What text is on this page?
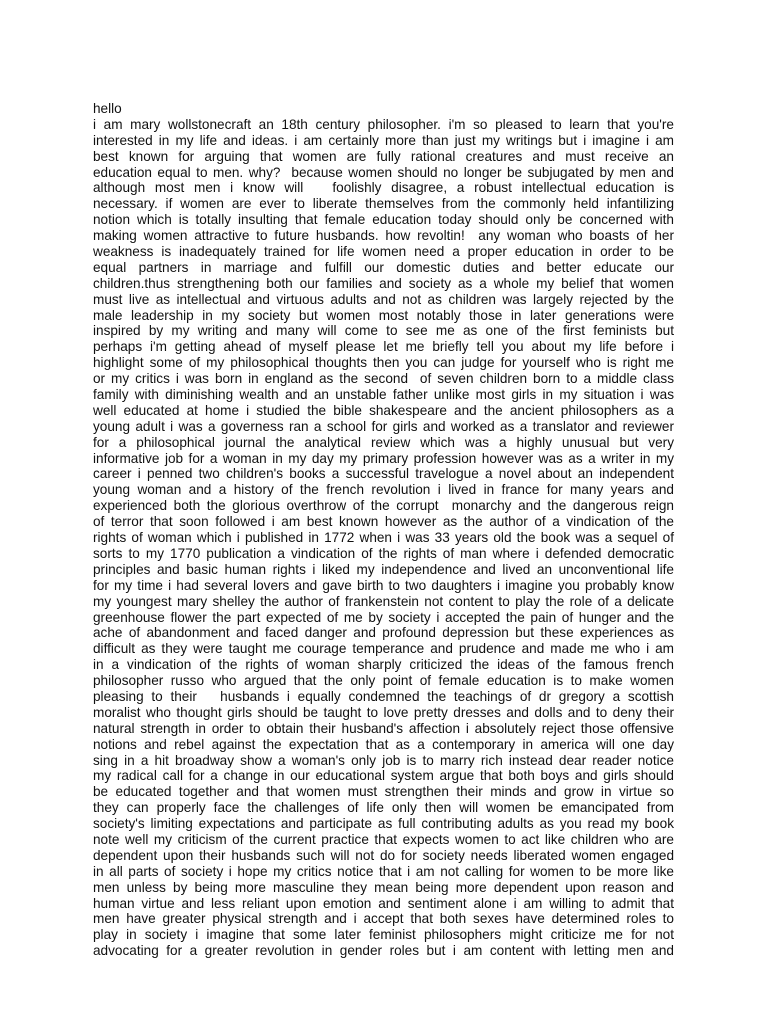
hello
i am mary wollstonecraft an 18th century philosopher. i'm so pleased to learn that you're
interested in my life and ideas. i am certainly more than just my writings but i imagine i am
best known for arguing that women are fully rational creatures and must receive an
education equal to men. why?  because women should no longer be subjugated by men and
although most men i know will   foolishly disagree, a robust intellectual education is
necessary. if women are ever to liberate themselves from the commonly held infantilizing
notion which is totally insulting that female education today should only be concerned with
making women attractive to future husbands. how revoltin!  any woman who boasts of her
weakness is inadequately trained for life women need a proper education in order to be
equal partners in marriage and fulfill our domestic duties and better educate our
children.thus strengthening both our families and society as a whole my belief that women
must live as intellectual and virtuous adults and not as children was largely rejected by the
male leadership in my society but women most notably those in later generations were
inspired by my writing and many will come to see me as one of the first feminists but
perhaps i'm getting ahead of myself please let me briefly tell you about my life before i
highlight some of my philosophical thoughts then you can judge for yourself who is right me
or my critics i was born in england as the second  of seven children born to a middle class
family with diminishing wealth and an unstable father unlike most girls in my situation i was
well educated at home i studied the bible shakespeare and the ancient philosophers as a
young adult i was a governess ran a school for girls and worked as a translator and reviewer
for a philosophical journal the analytical review which was a highly unusual but very
informative job for a woman in my day my primary profession however was as a writer in my
career i penned two children's books a successful travelogue a novel about an independent
young woman and a history of the french revolution i lived in france for many years and
experienced both the glorious overthrow of the corrupt  monarchy and the dangerous reign
of terror that soon followed i am best known however as the author of a vindication of the
rights of woman which i published in 1772 when i was 33 years old the book was a sequel of
sorts to my 1770 publication a vindication of the rights of man where i defended democratic
principles and basic human rights i liked my independence and lived an unconventional life
for my time i had several lovers and gave birth to two daughters i imagine you probably know
my youngest mary shelley the author of frankenstein not content to play the role of a delicate
greenhouse flower the part expected of me by society i accepted the pain of hunger and the
ache of abandonment and faced danger and profound depression but these experiences as
difficult as they were taught me courage temperance and prudence and made me who i am
in a vindication of the rights of woman sharply criticized the ideas of the famous french
philosopher russo who argued that the only point of female education is to make women
pleasing to their   husbands i equally condemned the teachings of dr gregory a scottish
moralist who thought girls should be taught to love pretty dresses and dolls and to deny their
natural strength in order to obtain their husband's affection i absolutely reject those offensive
notions and rebel against the expectation that as a contemporary in america will one day
sing in a hit broadway show a woman's only job is to marry rich instead dear reader notice
my radical call for a change in our educational system argue that both boys and girls should
be educated together and that women must strengthen their minds and grow in virtue so
they can properly face the challenges of life only then will women be emancipated from
society's limiting expectations and participate as full contributing adults as you read my book
note well my criticism of the current practice that expects women to act like children who are
dependent upon their husbands such will not do for society needs liberated women engaged
in all parts of society i hope my critics notice that i am not calling for women to be more like
men unless by being more masculine they mean being more dependent upon reason and
human virtue and less reliant upon emotion and sentiment alone i am willing to admit that
men have greater physical strength and i accept that both sexes have determined roles to
play in society i imagine that some later feminist philosophers might criticize me for not
advocating for a greater revolution in gender roles but i am content with letting men and
